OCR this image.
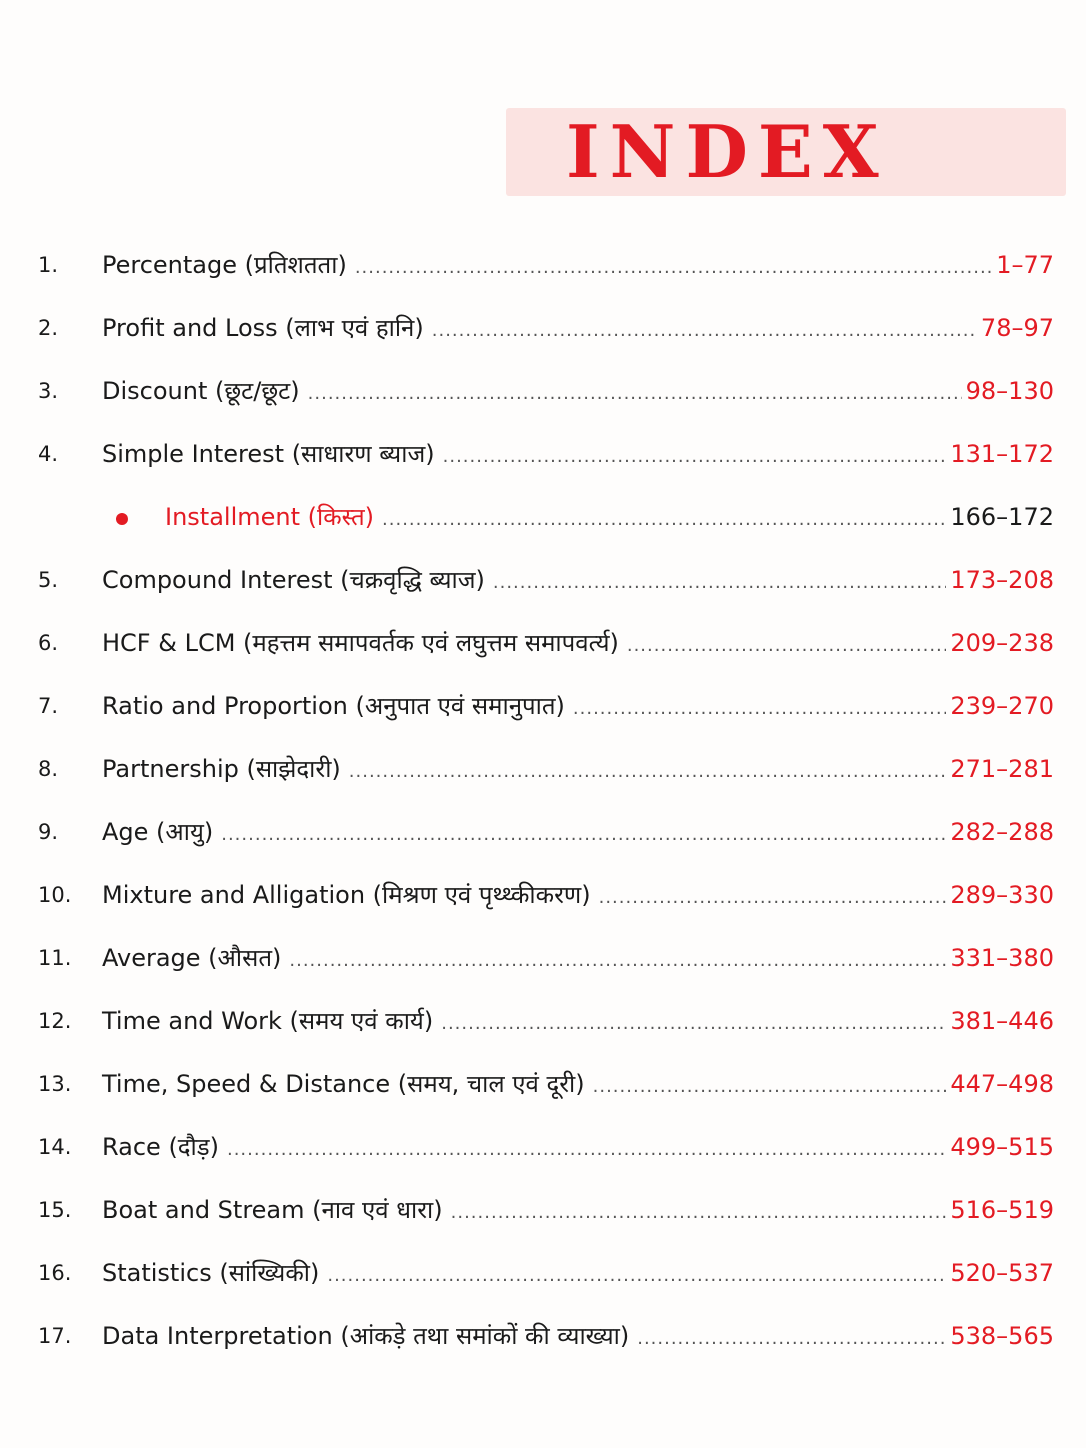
INDEX
1. Percentage (प्रतिशतता) .....	1–77
2. Profit and Loss (लाभ एवं हानि) .....	78–97
3. Discount (छूट/छूट) .....	98–130
4. Simple Interest (साधारण ब्याज) .....	131–172
Installment (किस्त) .....	166–172
5. Compound Interest (चक्रवृद्धि ब्याज) .....	173–208
6. HCF & LCM (महत्तम समापवर्तक एवं लघुत्तम समापवर्त्य) .....	209–238
7. Ratio and Proportion (अनुपात एवं समानुपात) .....	239–270
8. Partnership (साझेदारी) .....	271–281
9. Age (आयु) .....	282–288
10. Mixture and Alligation (मिश्रण एवं पृथ्थ्कीकरण) .....	289–330
11. Average (औसत) .....	331–380
12. Time and Work (समय एवं कार्य) .....	381–446
13. Time, Speed & Distance (समय, चाल एवं दूरी) .....	447–498
14. Race (दौड़) .....	499–515
15. Boat and Stream (नाव एवं धारा) .....	516–519
16. Statistics (सांख्यिकी) .....	520–537
17. Data Interpretation (आंकड़े तथा समांकों की व्याख्या) .....	538–565
